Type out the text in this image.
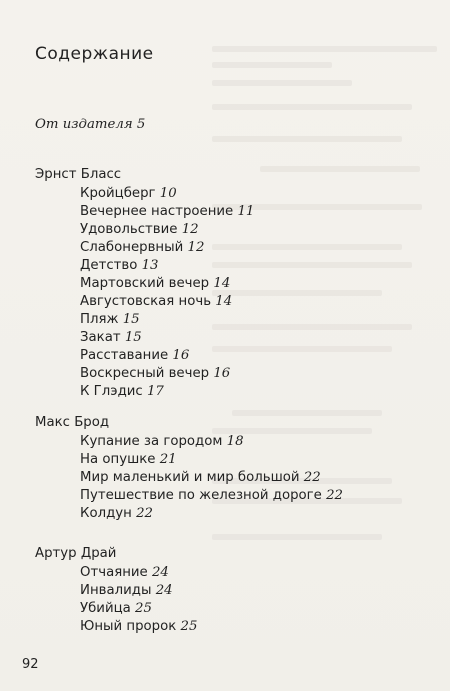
Содержание
От издателя 5
Эрнст Бласс
Кройцберг 10
Вечернее настроение 11
Удовольствие 12
Слабонервный 12
Детство 13
Мартовский вечер 14
Августовская ночь 14
Пляж 15
Закат 15
Расставание 16
Воскресный вечер 16
К Глэдис 17
Макс Брод
Купание за городом 18
На опушке 21
Мир маленький и мир большой 22
Путешествие по железной дороге 22
Колдун 22
Артур Драй
Отчаяние 24
Инвалиды 24
Убийца 25
Юный пророк 25
92
